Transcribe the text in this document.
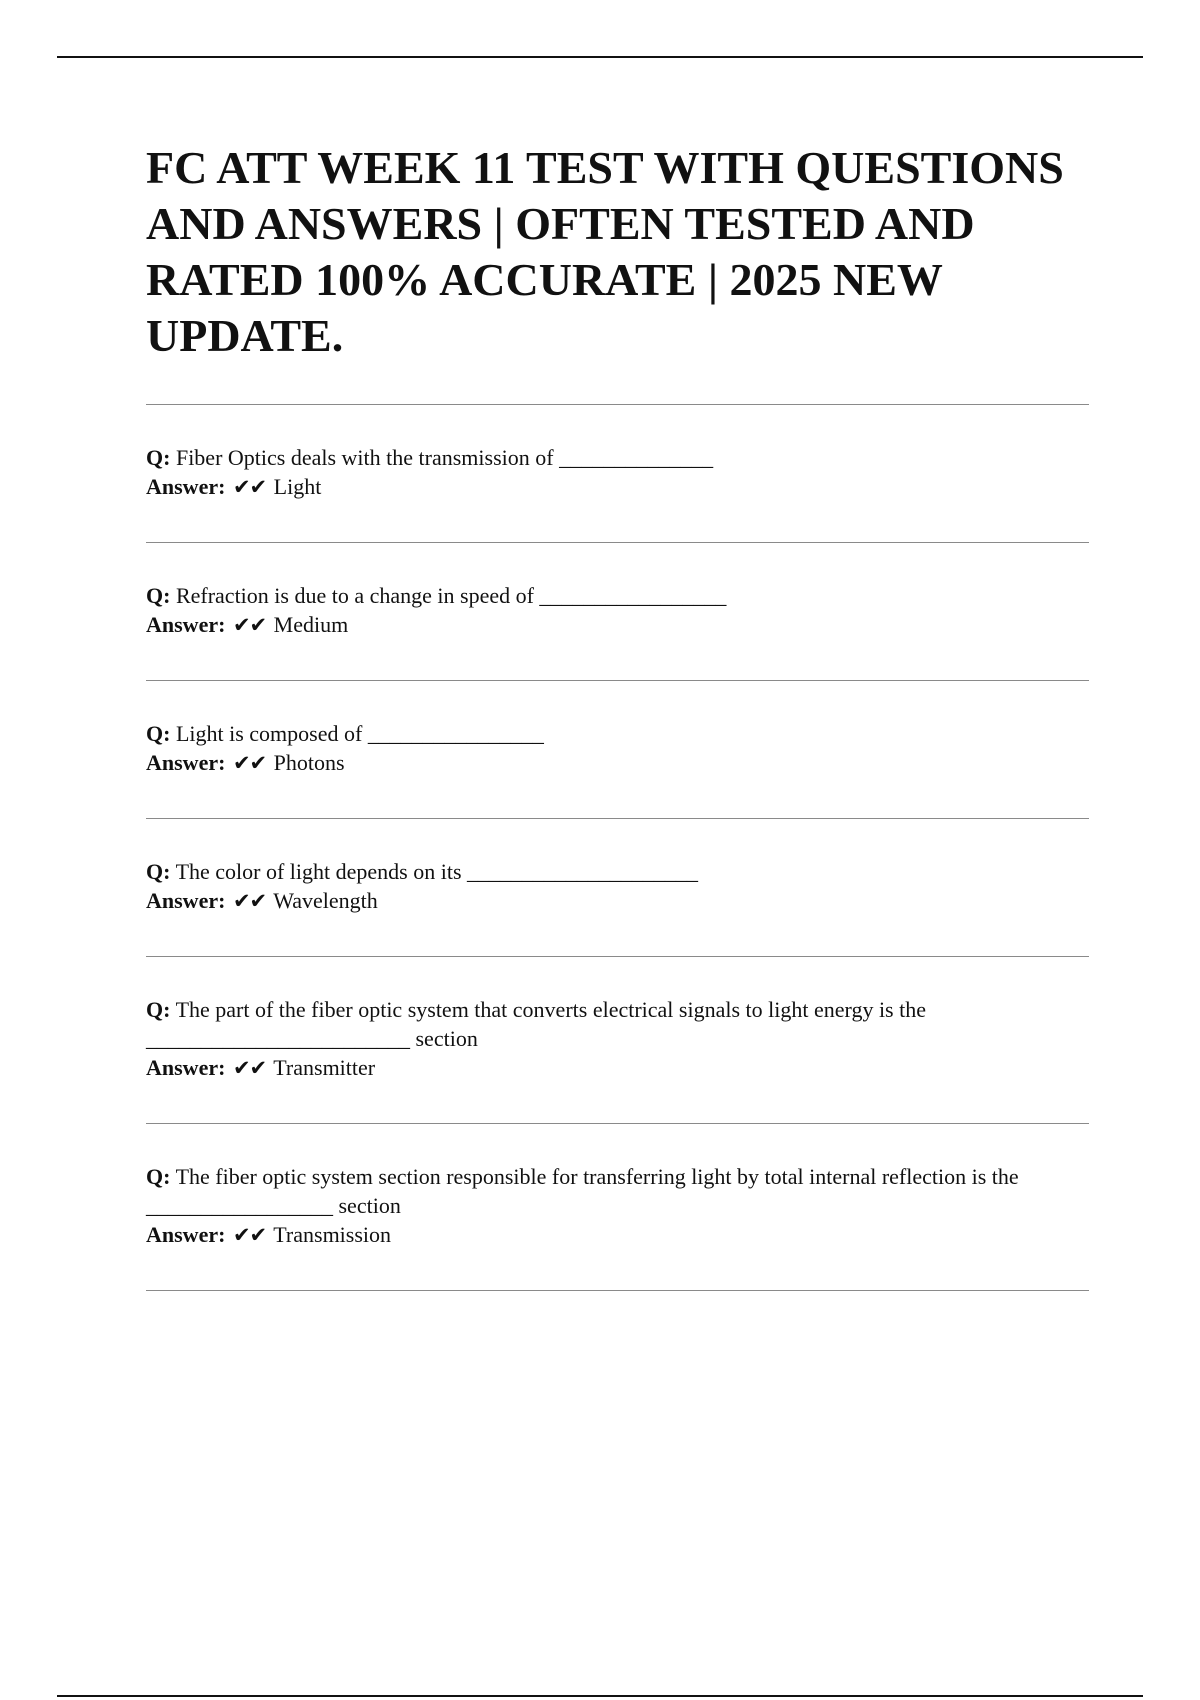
FC ATT WEEK 11 TEST WITH QUESTIONS AND ANSWERS | OFTEN TESTED AND RATED 100% ACCURATE | 2025 NEW UPDATE.
Q: Fiber Optics deals with the transmission of ______________
Answer: ✔✔ Light
Q: Refraction is due to a change in speed of _________________
Answer: ✔✔ Medium
Q: Light is composed of ________________
Answer: ✔✔ Photons
Q: The color of light depends on its _____________________
Answer: ✔✔ Wavelength
Q: The part of the fiber optic system that converts electrical signals to light energy is the ________________________ section
Answer: ✔✔ Transmitter
Q: The fiber optic system section responsible for transferring light by total internal reflection is the _________________ section
Answer: ✔✔ Transmission
